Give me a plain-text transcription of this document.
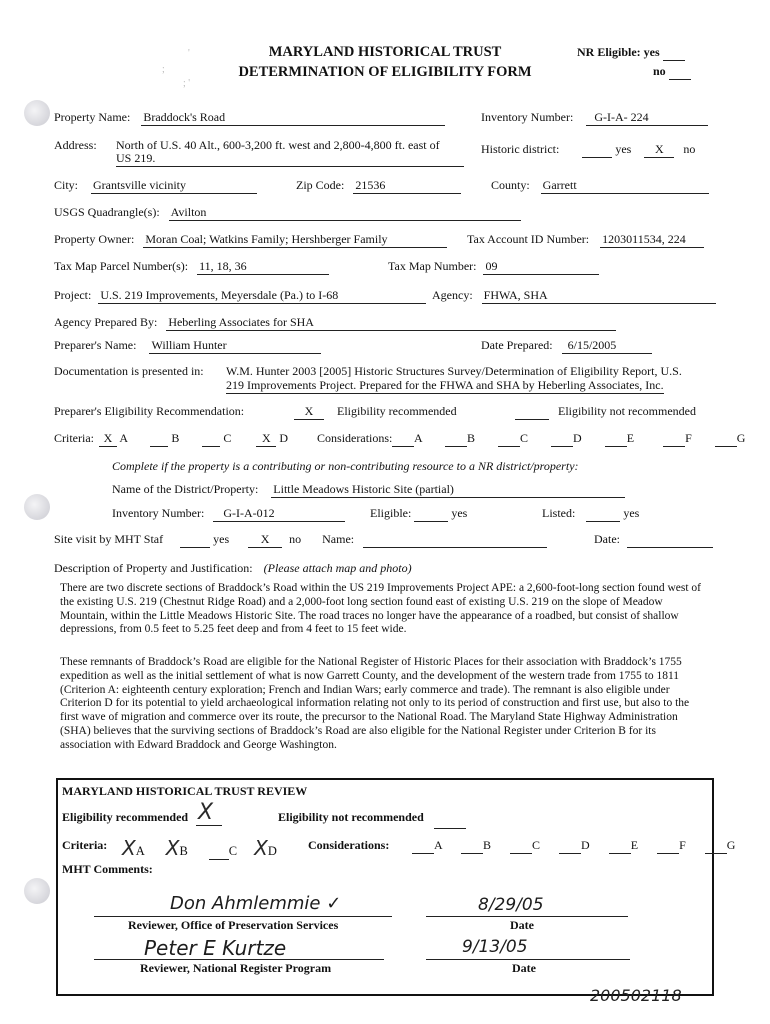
MARYLAND HISTORICAL TRUST
DETERMINATION OF ELIGIBILITY FORM
NR Eligible: yes
no
'
;
; '
Property Name: Braddock's Road	Inventory Number: G-I-A- 224
Address: North of U.S. 40 Alt., 600-3,200 ft. west and 2,800-4,800 ft. east of
US 219.
Historic district:	yes X no
City: Grantsville vicinity	Zip Code: 21536	County: Garrett
USGS Quadrangle(s): Avilton
Property Owner: Moran Coal; Watkins Family; Hershberger Family	Tax Account ID Number: 1203011534, 224
Tax Map Parcel Number(s): 11, 18, 36	Tax Map Number: 09
Project: U.S. 219 Improvements, Meyersdale (Pa.) to I-68	Agency: FHWA, SHA
Agency Prepared By: Heberling Associates for SHA
Preparer's Name: William Hunter	Date Prepared: 6/15/2005
Documentation is presented in: W.M. Hunter 2003 [2005] Historic Structures Survey/Determination of Eligibility Report, U.S.
219 Improvements Project. Prepared for the FHWA and SHA by Heberling Associates, Inc.
Preparer's Eligibility Recommendation:	X Eligibility recommended	Eligibility not recommended
Criteria: X A	B	C	X D Considerations:	A	B	C	D	E	F	G
Complete if the property is a contributing or non-contributing resource to a NR district/property:
Name of the District/Property: Little Meadows Historic Site (partial)
Inventory Number: G-I-A-012	Eligible:	yes	Listed:	yes
Site visit by MHT Staf	yes	X no Name:	Date:
Description of Property and Justification: (Please attach map and photo)
There are two discrete sections of Braddock’s Road within the US 219 Improvements Project APE: a 2,600-foot-long section found west of the existing U.S. 219 (Chestnut Ridge Road) and a 2,000-foot long section found east of existing U.S. 219 on the slope of Meadow Mountain, within the Little Meadows Historic Site. The road traces no longer have the appearance of a roadbed, but consist of shallow depressions, from 0.5 feet to 5.25 feet deep and from 4 feet to 15 feet wide.
These remnants of Braddock’s Road are eligible for the National Register of Historic Places for their association with Braddock’s 1755 expedition as well as the initial settlement of what is now Garrett County, and the development of the western trade from 1755 to 1811 (Criterion A: eighteenth century exploration; French and Indian Wars; early commerce and trade). The remnant is also eligible under Criterion D for its potential to yield archaeological information relating not only to its period of construction and first use, but also to the first wave of migration and commerce over its route, the precursor to the National Road. The Maryland State Highway Administration (SHA) believes that the surviving sections of Braddock’s Road are also eligible for the National Register under Criterion B for its association with Edward Braddock and George Washington.
MARYLAND HISTORICAL TRUST REVIEW
Eligibility recommended X	Eligibility not recommended
Criteria: XA XB	C XD	Considerations:	A	B	C	D	E	F	G
MHT Comments:
Don Ahmlemmie ✓
Reviewer, Office of Preservation Services
8/29/05
Date
Peter E Kurtze
Reviewer, National Register Program
9/13/05
Date
200502118
